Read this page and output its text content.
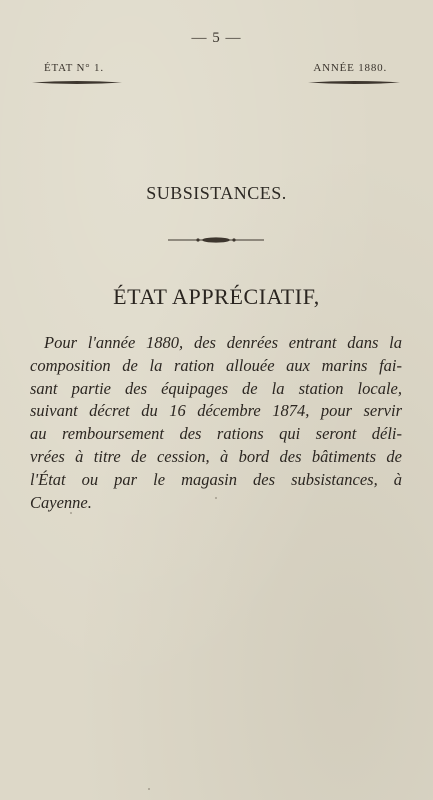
— 5 —
ÉTAT N° 1.	ANNÉE 1880.
SUBSISTANCES.
ÉTAT APPRÉCIATIF,
Pour l'année 1880, des denrées entrant dans la
composition de la ration allouée aux marins fai-
sant partie des équipages de la station locale,
suivant décret du 16 décembre 1874, pour servir
au remboursement des rations qui seront déli-
vrées à titre de cession, à bord des bâtiments de
l'État ou par le magasin des subsistances, à
Cayenne.
